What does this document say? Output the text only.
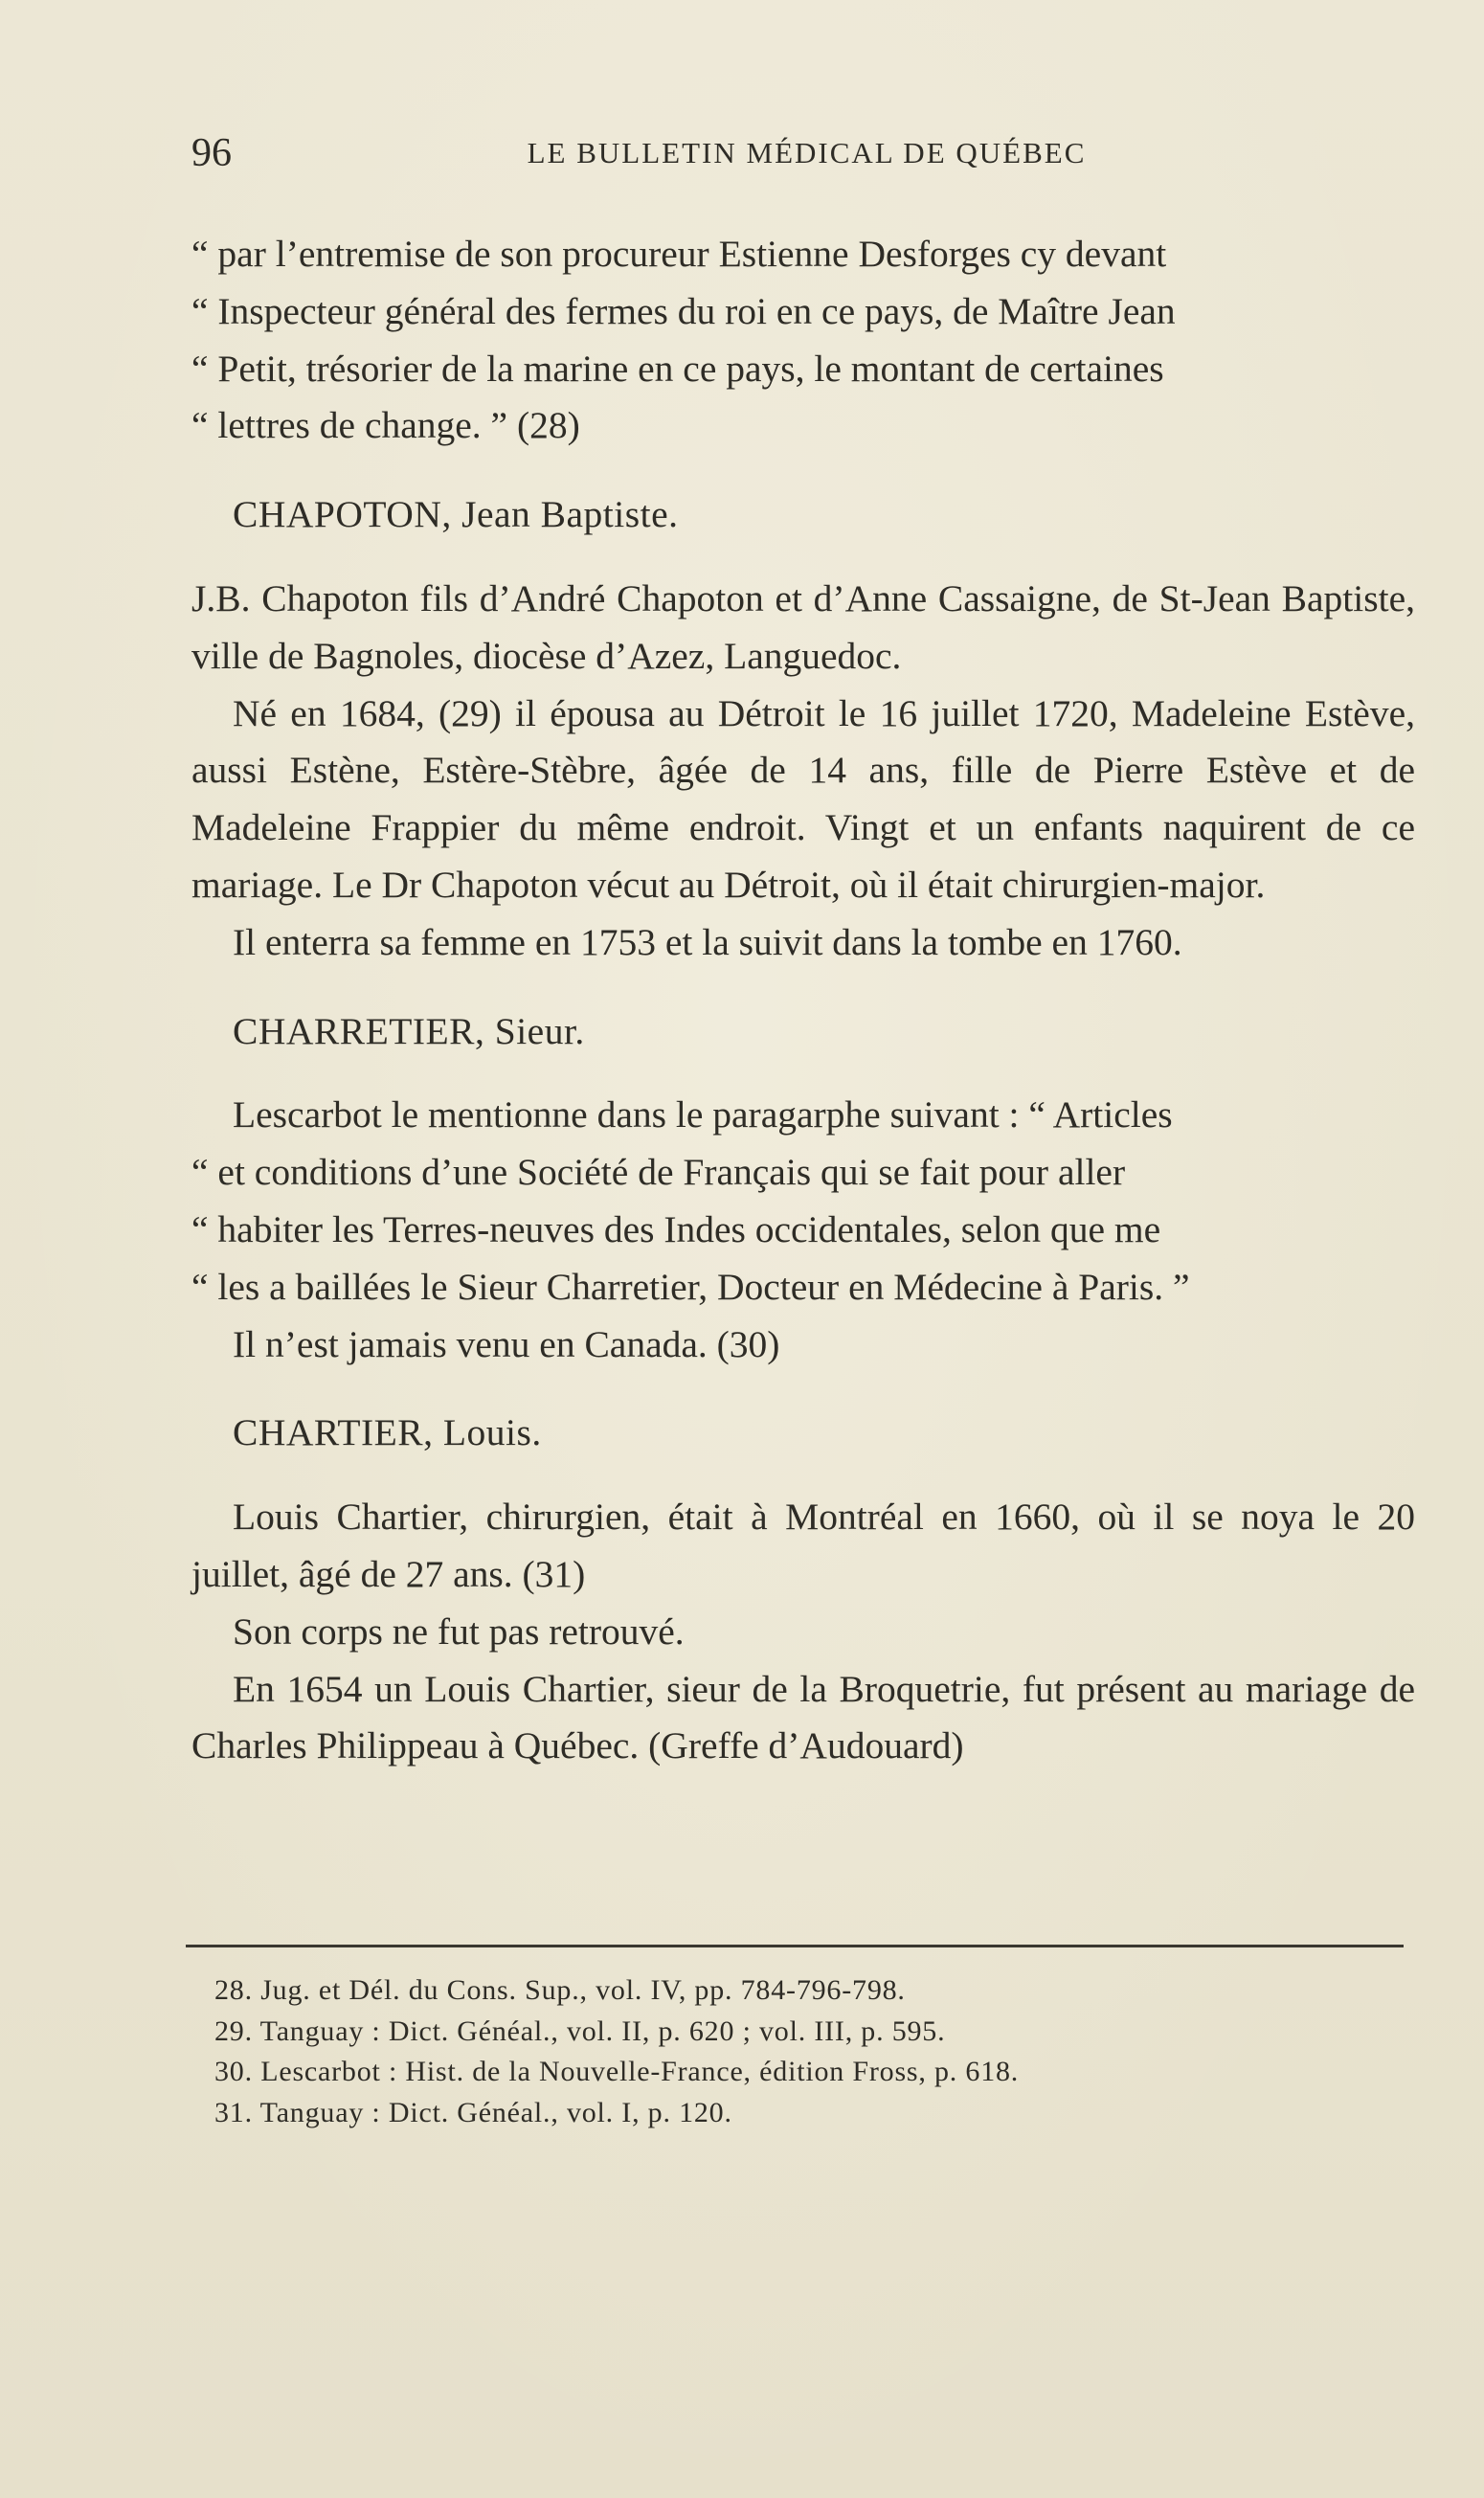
96	LE BULLETIN MÉDICAL DE QUÉBEC

“ par l’entremise de son procureur Estienne Desforges cy devant

“ Inspecteur général des fermes du roi en ce pays, de Maître Jean

“ Petit, trésorier de la marine en ce pays, le montant de certaines

“ lettres de change. ” (28)

CHAPOTON, Jean Baptiste.

J.B. Chapoton fils d’André Chapoton et d’Anne Cassaigne, de St-Jean Baptiste, ville de Bagnoles, diocèse d’Azez, Languedoc.

Né en 1684, (29) il épousa au Détroit le 16 juillet 1720, Madeleine Estève, aussi Estène, Estère-Stèbre, âgée de 14 ans, fille de Pierre Estève et de Madeleine Frappier du même endroit. Vingt et un enfants naquirent de ce mariage. Le Dr Chapoton vécut au Détroit, où il était chirurgien-major.

Il enterra sa femme en 1753 et la suivit dans la tombe en 1760.

CHARRETIER, Sieur.

Lescarbot le mentionne dans le paragarphe suivant : “ Articles

“ et conditions d’une Société de Français qui se fait pour aller

“ habiter les Terres-neuves des Indes occidentales, selon que me

“ les a baillées le Sieur Charretier, Docteur en Médecine à Paris. ”

Il n’est jamais venu en Canada. (30)

CHARTIER, Louis.

Louis Chartier, chirurgien, était à Montréal en 1660, où il se noya le 20 juillet, âgé de 27 ans. (31)

Son corps ne fut pas retrouvé.

En 1654 un Louis Chartier, sieur de la Broquetrie, fut présent au mariage de Charles Philippeau à Québec. (Greffe d’Audouard)

28. Jug. et Dél. du Cons. Sup., vol. IV, pp. 784-796-798.

29. Tanguay : Dict. Généal., vol. II, p. 620 ; vol. III, p. 595.

30. Lescarbot : Hist. de la Nouvelle-France, édition Fross, p. 618.

31. Tanguay : Dict. Généal., vol. I, p. 120.
